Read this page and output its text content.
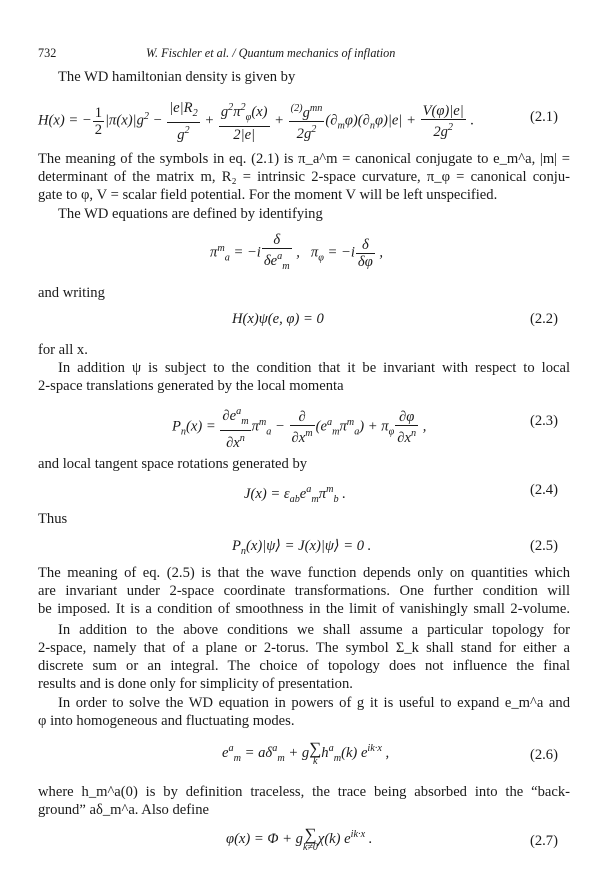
732	W. Fischler et al. / Quantum mechanics of inflation
The WD hamiltonian density is given by
H(x) = − $\frac{1}{2} |\pi(x)|g^2 - \frac{|e|R_2}{g^2} + \frac{g^2\pi^2_\varphi(x)}{2|e|} + \frac{^{(2)}g^{mn}}{2g^2} (\partial_m\varphi)(\partial_n\varphi)|e| + \frac{V(\varphi)|e|}{2g^2}$ .	(2.1)
The meaning of the symbols in eq. (2.1) is π_a^m = canonical conjugate to e_m^a, |m| =
determinant of the matrix m, R₂ = intrinsic 2-space curvature, π_φ = canonical conju-
gate to φ, V = scalar field potential. For the moment V will be left unspecified.
The WD equations are defined by identifying
$\pi^m_a = -i \frac{\delta}{\delta e^a_m}$ ,   $\pi_\varphi = -i \frac{\delta}{\delta\varphi}$ ,
and writing
H(x)ψ(e, φ) = 0	(2.2)
for all x.
In addition ψ is subject to the condition that it be invariant with respect to local
2-space translations generated by the local momenta
$P_n(x) = \frac{\partial e^a_m}{\partial x^n} \pi^m_a - \frac{\partial}{\partial x^m} (e^a_m\pi^m_a) + \pi_\varphi \frac{\partial\varphi}{\partial x^n}$ ,	(2.3)
and local tangent space rotations generated by
$J(x) = \varepsilon_{ab}e^a_m\pi^m_b$ .	(2.4)
Thus
$P_n(x)|\psi⟩$ = J(x)|ψ⟩ = 0 .	(2.5)
The meaning of eq. (2.5) is that the wave function depends only on quantities which
are invariant under 2-space coordinate transformations. One further condition will
be imposed. It is a condition of smoothness in the limit of vanishingly small 2-volume.
In addition to the above conditions we shall assume a particular topology for
2-space, namely that of a plane or 2-torus. The symbol Σ_k shall stand for either a
discrete sum or an integral. The choice of topology does not influence the final
results and is done only for simplicity of presentation.
In order to solve the WD equation in powers of g it is useful to expand e_m^a and
φ into homogeneous and fluctuating modes.
$e^a_m = a\delta^a_m + g$ ∑
k
$h^a_m(k)$ $e^{ik\cdot x}$ ,	(2.6)
where h_m^a(0) is by definition traceless, the trace being absorbed into the “back-
ground” aδ_m^a. Also define
φ(x) = Φ + g ∑
k≠0
χ(k) $e^{ik\cdot x}$ .	(2.7)
